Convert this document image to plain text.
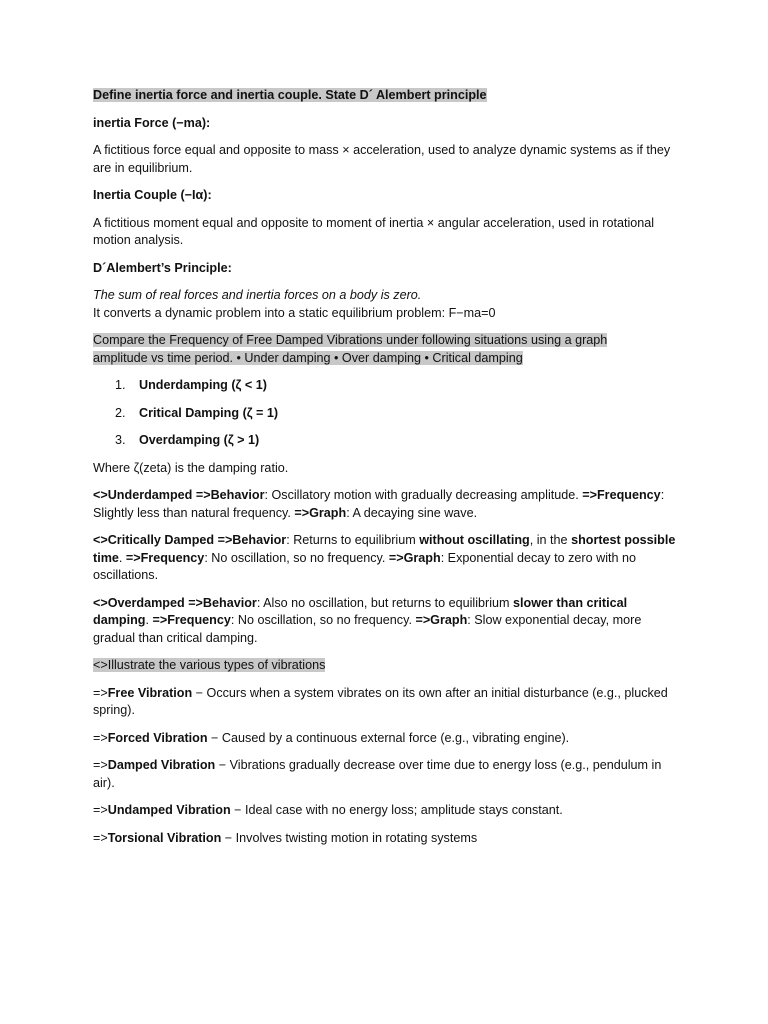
Define inertia force and inertia couple. State D´ Alembert principle

inertia Force (−ma):

A fictitious force equal and opposite to mass × acceleration, used to analyze dynamic systems as if they are in equilibrium.

Inertia Couple (−Iα):

A fictitious moment equal and opposite to moment of inertia × angular acceleration, used in rotational motion analysis.

D´Alembert’s Principle:

The sum of real forces and inertia forces on a body is zero.

It converts a dynamic problem into a static equilibrium problem: F−ma=0

Compare the Frequency of Free Damped Vibrations under following situations using a graph
amplitude vs time period. • Under damping • Over damping • Critical damping

1. Underdamping (ζ < 1)
2. Critical Damping (ζ = 1)
3. Overdamping (ζ > 1)

Where ζ(zeta) is the damping ratio.

<>Underdamped =>Behavior: Oscillatory motion with gradually decreasing amplitude. =>Frequency: Slightly less than natural frequency. =>Graph: A decaying sine wave.

<>Critically Damped =>Behavior: Returns to equilibrium without oscillating, in the shortest possible time. =>Frequency: No oscillation, so no frequency. =>Graph: Exponential decay to zero with no oscillations.

<>Overdamped =>Behavior: Also no oscillation, but returns to equilibrium slower than critical damping. =>Frequency: No oscillation, so no frequency. =>Graph: Slow exponential decay, more gradual than critical damping.

<>Illustrate the various types of vibrations

=>Free Vibration − Occurs when a system vibrates on its own after an initial disturbance (e.g., plucked spring).

=>Forced Vibration − Caused by a continuous external force (e.g., vibrating engine).

=>Damped Vibration − Vibrations gradually decrease over time due to energy loss (e.g., pendulum in air).

=>Undamped Vibration − Ideal case with no energy loss; amplitude stays constant.

=>Torsional Vibration − Involves twisting motion in rotating systems
